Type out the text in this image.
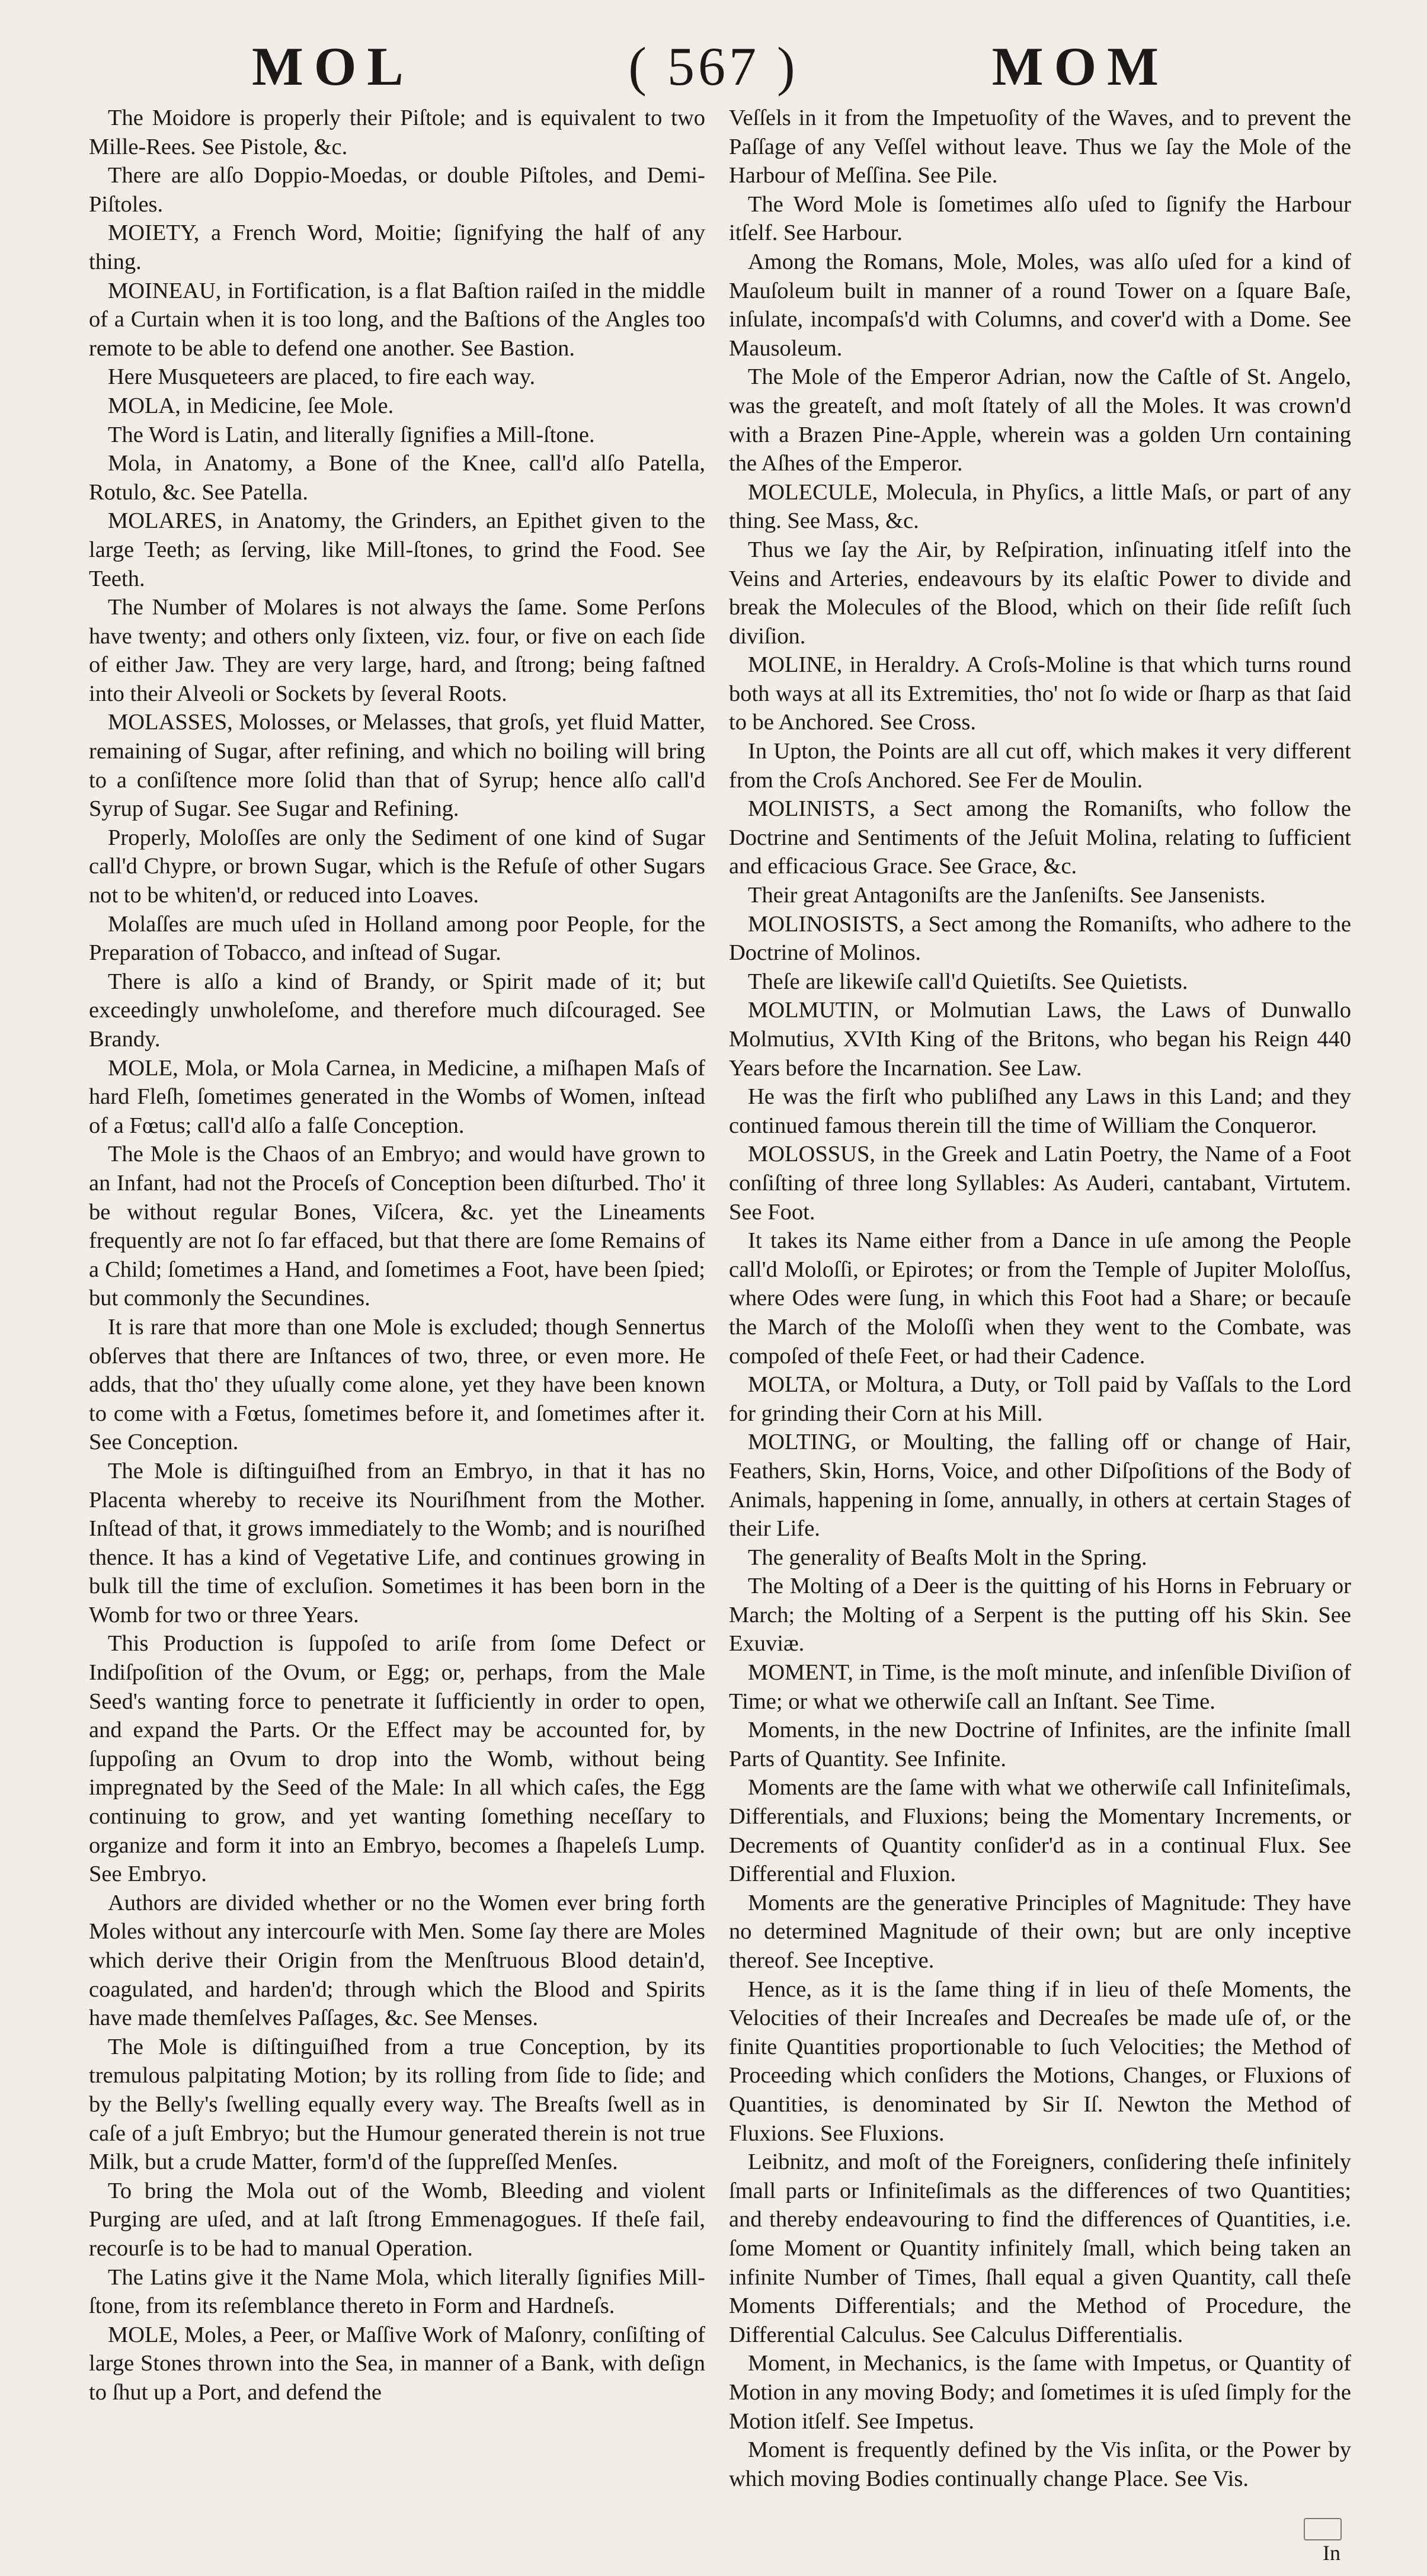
MOL	( 567 )	MOM

The Moidore is properly their Piſtole; and is equivalent to two Mille-Rees. See Pistole, &c.

There are alſo Doppio-Moedas, or double Piſtoles, and Demi-Piſtoles.

MOIETY, a French Word, Moitie; ſignifying the half of any thing.

MOINEAU, in Fortification, is a flat Baſtion raiſed in the middle of a Curtain when it is too long, and the Baſtions of the Angles too remote to be able to defend one another. See Bastion.

Here Musqueteers are placed, to fire each way.

MOLA, in Medicine, ſee Mole.

The Word is Latin, and literally ſignifies a Mill-ſtone.

Mola, in Anatomy, a Bone of the Knee, call'd alſo Patella, Rotulo, &c. See Patella.

MOLARES, in Anatomy, the Grinders, an Epithet given to the large Teeth; as ſerving, like Mill-ſtones, to grind the Food. See Teeth.

The Number of Molares is not always the ſame. Some Perſons have twenty; and others only ſixteen, viz. four, or five on each ſide of either Jaw. They are very large, hard, and ſtrong; being faſtned into their Alveoli or Sockets by ſeveral Roots.

MOLASSES, Molosses, or Melasses, that groſs, yet fluid Matter, remaining of Sugar, after refining, and which no boiling will bring to a conſiſtence more ſolid than that of Syrup; hence alſo call'd Syrup of Sugar. See Sugar and Refining.

Properly, Moloſſes are only the Sediment of one kind of Sugar call'd Chypre, or brown Sugar, which is the Refuſe of other Sugars not to be whiten'd, or reduced into Loaves.

Molaſſes are much uſed in Holland among poor People, for the Preparation of Tobacco, and inſtead of Sugar.

There is alſo a kind of Brandy, or Spirit made of it; but exceedingly unwholeſome, and therefore much diſcouraged. See Brandy.

MOLE, Mola, or Mola Carnea, in Medicine, a miſhapen Maſs of hard Fleſh, ſometimes generated in the Wombs of Women, inſtead of a Fœtus; call'd alſo a falſe Conception.

The Mole is the Chaos of an Embryo; and would have grown to an Infant, had not the Proceſs of Conception been diſturbed. Tho' it be without regular Bones, Viſcera, &c. yet the Lineaments frequently are not ſo far effaced, but that there are ſome Remains of a Child; ſometimes a Hand, and ſometimes a Foot, have been ſpied; but commonly the Secundines.

It is rare that more than one Mole is excluded; though Sennertus obſerves that there are Inſtances of two, three, or even more. He adds, that tho' they uſually come alone, yet they have been known to come with a Fœtus, ſometimes before it, and ſometimes after it. See Conception.

The Mole is diſtinguiſhed from an Embryo, in that it has no Placenta whereby to receive its Nouriſhment from the Mother. Inſtead of that, it grows immediately to the Womb; and is nouriſhed thence. It has a kind of Vegetative Life, and continues growing in bulk till the time of excluſion. Sometimes it has been born in the Womb for two or three Years.

This Production is ſuppoſed to ariſe from ſome Defect or Indiſpoſition of the Ovum, or Egg; or, perhaps, from the Male Seed's wanting force to penetrate it ſufficiently in order to open, and expand the Parts. Or the Effect may be accounted for, by ſuppoſing an Ovum to drop into the Womb, without being impregnated by the Seed of the Male: In all which caſes, the Egg continuing to grow, and yet wanting ſomething neceſſary to organize and form it into an Embryo, becomes a ſhapeleſs Lump. See Embryo.

Authors are divided whether or no the Women ever bring forth Moles without any intercourſe with Men. Some ſay there are Moles which derive their Origin from the Menſtruous Blood detain'd, coagulated, and harden'd; through which the Blood and Spirits have made themſelves Paſſages, &c. See Menses.

The Mole is diſtinguiſhed from a true Conception, by its tremulous palpitating Motion; by its rolling from ſide to ſide; and by the Belly's ſwelling equally every way. The Breaſts ſwell as in caſe of a juſt Embryo; but the Humour generated therein is not true Milk, but a crude Matter, form'd of the ſuppreſſed Menſes.

To bring the Mola out of the Womb, Bleeding and violent Purging are uſed, and at laſt ſtrong Emmenagogues. If theſe fail, recourſe is to be had to manual Operation.

The Latins give it the Name Mola, which literally ſignifies Mill-ſtone, from its reſemblance thereto in Form and Hardneſs.

MOLE, Moles, a Peer, or Maſſive Work of Maſonry, conſiſting of large Stones thrown into the Sea, in manner of a Bank, with deſign to ſhut up a Port, and defend the

Veſſels in it from the Impetuoſity of the Waves, and to prevent the Paſſage of any Veſſel without leave. Thus we ſay the Mole of the Harbour of Meſſina. See Pile.

The Word Mole is ſometimes alſo uſed to ſignify the Harbour itſelf. See Harbour.

Among the Romans, Mole, Moles, was alſo uſed for a kind of Mauſoleum built in manner of a round Tower on a ſquare Baſe, inſulate, incompaſs'd with Columns, and cover'd with a Dome. See Mausoleum.

The Mole of the Emperor Adrian, now the Caſtle of St. Angelo, was the greateſt, and moſt ſtately of all the Moles. It was crown'd with a Brazen Pine-Apple, wherein was a golden Urn containing the Aſhes of the Emperor.

MOLECULE, Molecula, in Phyſics, a little Maſs, or part of any thing. See Mass, &c.

Thus we ſay the Air, by Reſpiration, inſinuating itſelf into the Veins and Arteries, endeavours by its elaſtic Power to divide and break the Molecules of the Blood, which on their ſide reſiſt ſuch diviſion.

MOLINE, in Heraldry. A Croſs-Moline is that which turns round both ways at all its Extremities, tho' not ſo wide or ſharp as that ſaid to be Anchored. See Cross.

In Upton, the Points are all cut off, which makes it very different from the Croſs Anchored. See Fer de Moulin.

MOLINISTS, a Sect among the Romaniſts, who follow the Doctrine and Sentiments of the Jeſuit Molina, relating to ſufficient and efficacious Grace. See Grace, &c.

Their great Antagoniſts are the Janſeniſts. See Jansenists.

MOLINOSISTS, a Sect among the Romaniſts, who adhere to the Doctrine of Molinos.

Theſe are likewiſe call'd Quietiſts. See Quietists.

MOLMUTIN, or Molmutian Laws, the Laws of Dunwallo Molmutius, XVIth King of the Britons, who began his Reign 440 Years before the Incarnation. See Law.

He was the firſt who publiſhed any Laws in this Land; and they continued famous therein till the time of William the Conqueror.

MOLOSSUS, in the Greek and Latin Poetry, the Name of a Foot conſiſting of three long Syllables: As Auderi, cantabant, Virtutem. See Foot.

It takes its Name either from a Dance in uſe among the People call'd Moloſſi, or Epirotes; or from the Temple of Jupiter Moloſſus, where Odes were ſung, in which this Foot had a Share; or becauſe the March of the Moloſſi when they went to the Combate, was compoſed of theſe Feet, or had their Cadence.

MOLTA, or Moltura, a Duty, or Toll paid by Vaſſals to the Lord for grinding their Corn at his Mill.

MOLTING, or Moulting, the falling off or change of Hair, Feathers, Skin, Horns, Voice, and other Diſpoſitions of the Body of Animals, happening in ſome, annually, in others at certain Stages of their Life.

The generality of Beaſts Molt in the Spring.

The Molting of a Deer is the quitting of his Horns in February or March; the Molting of a Serpent is the putting off his Skin. See Exuviæ.

MOMENT, in Time, is the moſt minute, and inſenſible Diviſion of Time; or what we otherwiſe call an Inſtant. See Time.

Moments, in the new Doctrine of Infinites, are the infinite ſmall Parts of Quantity. See Infinite.

Moments are the ſame with what we otherwiſe call Infiniteſimals, Differentials, and Fluxions; being the Momentary Increments, or Decrements of Quantity conſider'd as in a continual Flux. See Differential and Fluxion.

Moments are the generative Principles of Magnitude: They have no determined Magnitude of their own; but are only inceptive thereof. See Inceptive.

Hence, as it is the ſame thing if in lieu of theſe Moments, the Velocities of their Increaſes and Decreaſes be made uſe of, or the finite Quantities proportionable to ſuch Velocities; the Method of Proceeding which conſiders the Motions, Changes, or Fluxions of Quantities, is denominated by Sir Iſ. Newton the Method of Fluxions. See Fluxions.

Leibnitz, and moſt of the Foreigners, conſidering theſe infinitely ſmall parts or Infiniteſimals as the differences of two Quantities; and thereby endeavouring to find the differences of Quantities, i.e. ſome Moment or Quantity infinitely ſmall, which being taken an infinite Number of Times, ſhall equal a given Quantity, call theſe Moments Differentials; and the Method of Procedure, the Differential Calculus. See Calculus Differentialis.

Moment, in Mechanics, is the ſame with Impetus, or Quantity of Motion in any moving Body; and ſometimes it is uſed ſimply for the Motion itſelf. See Impetus.

Moment is frequently defined by the Vis inſita, or the Power by which moving Bodies continually change Place. See Vis.

In
